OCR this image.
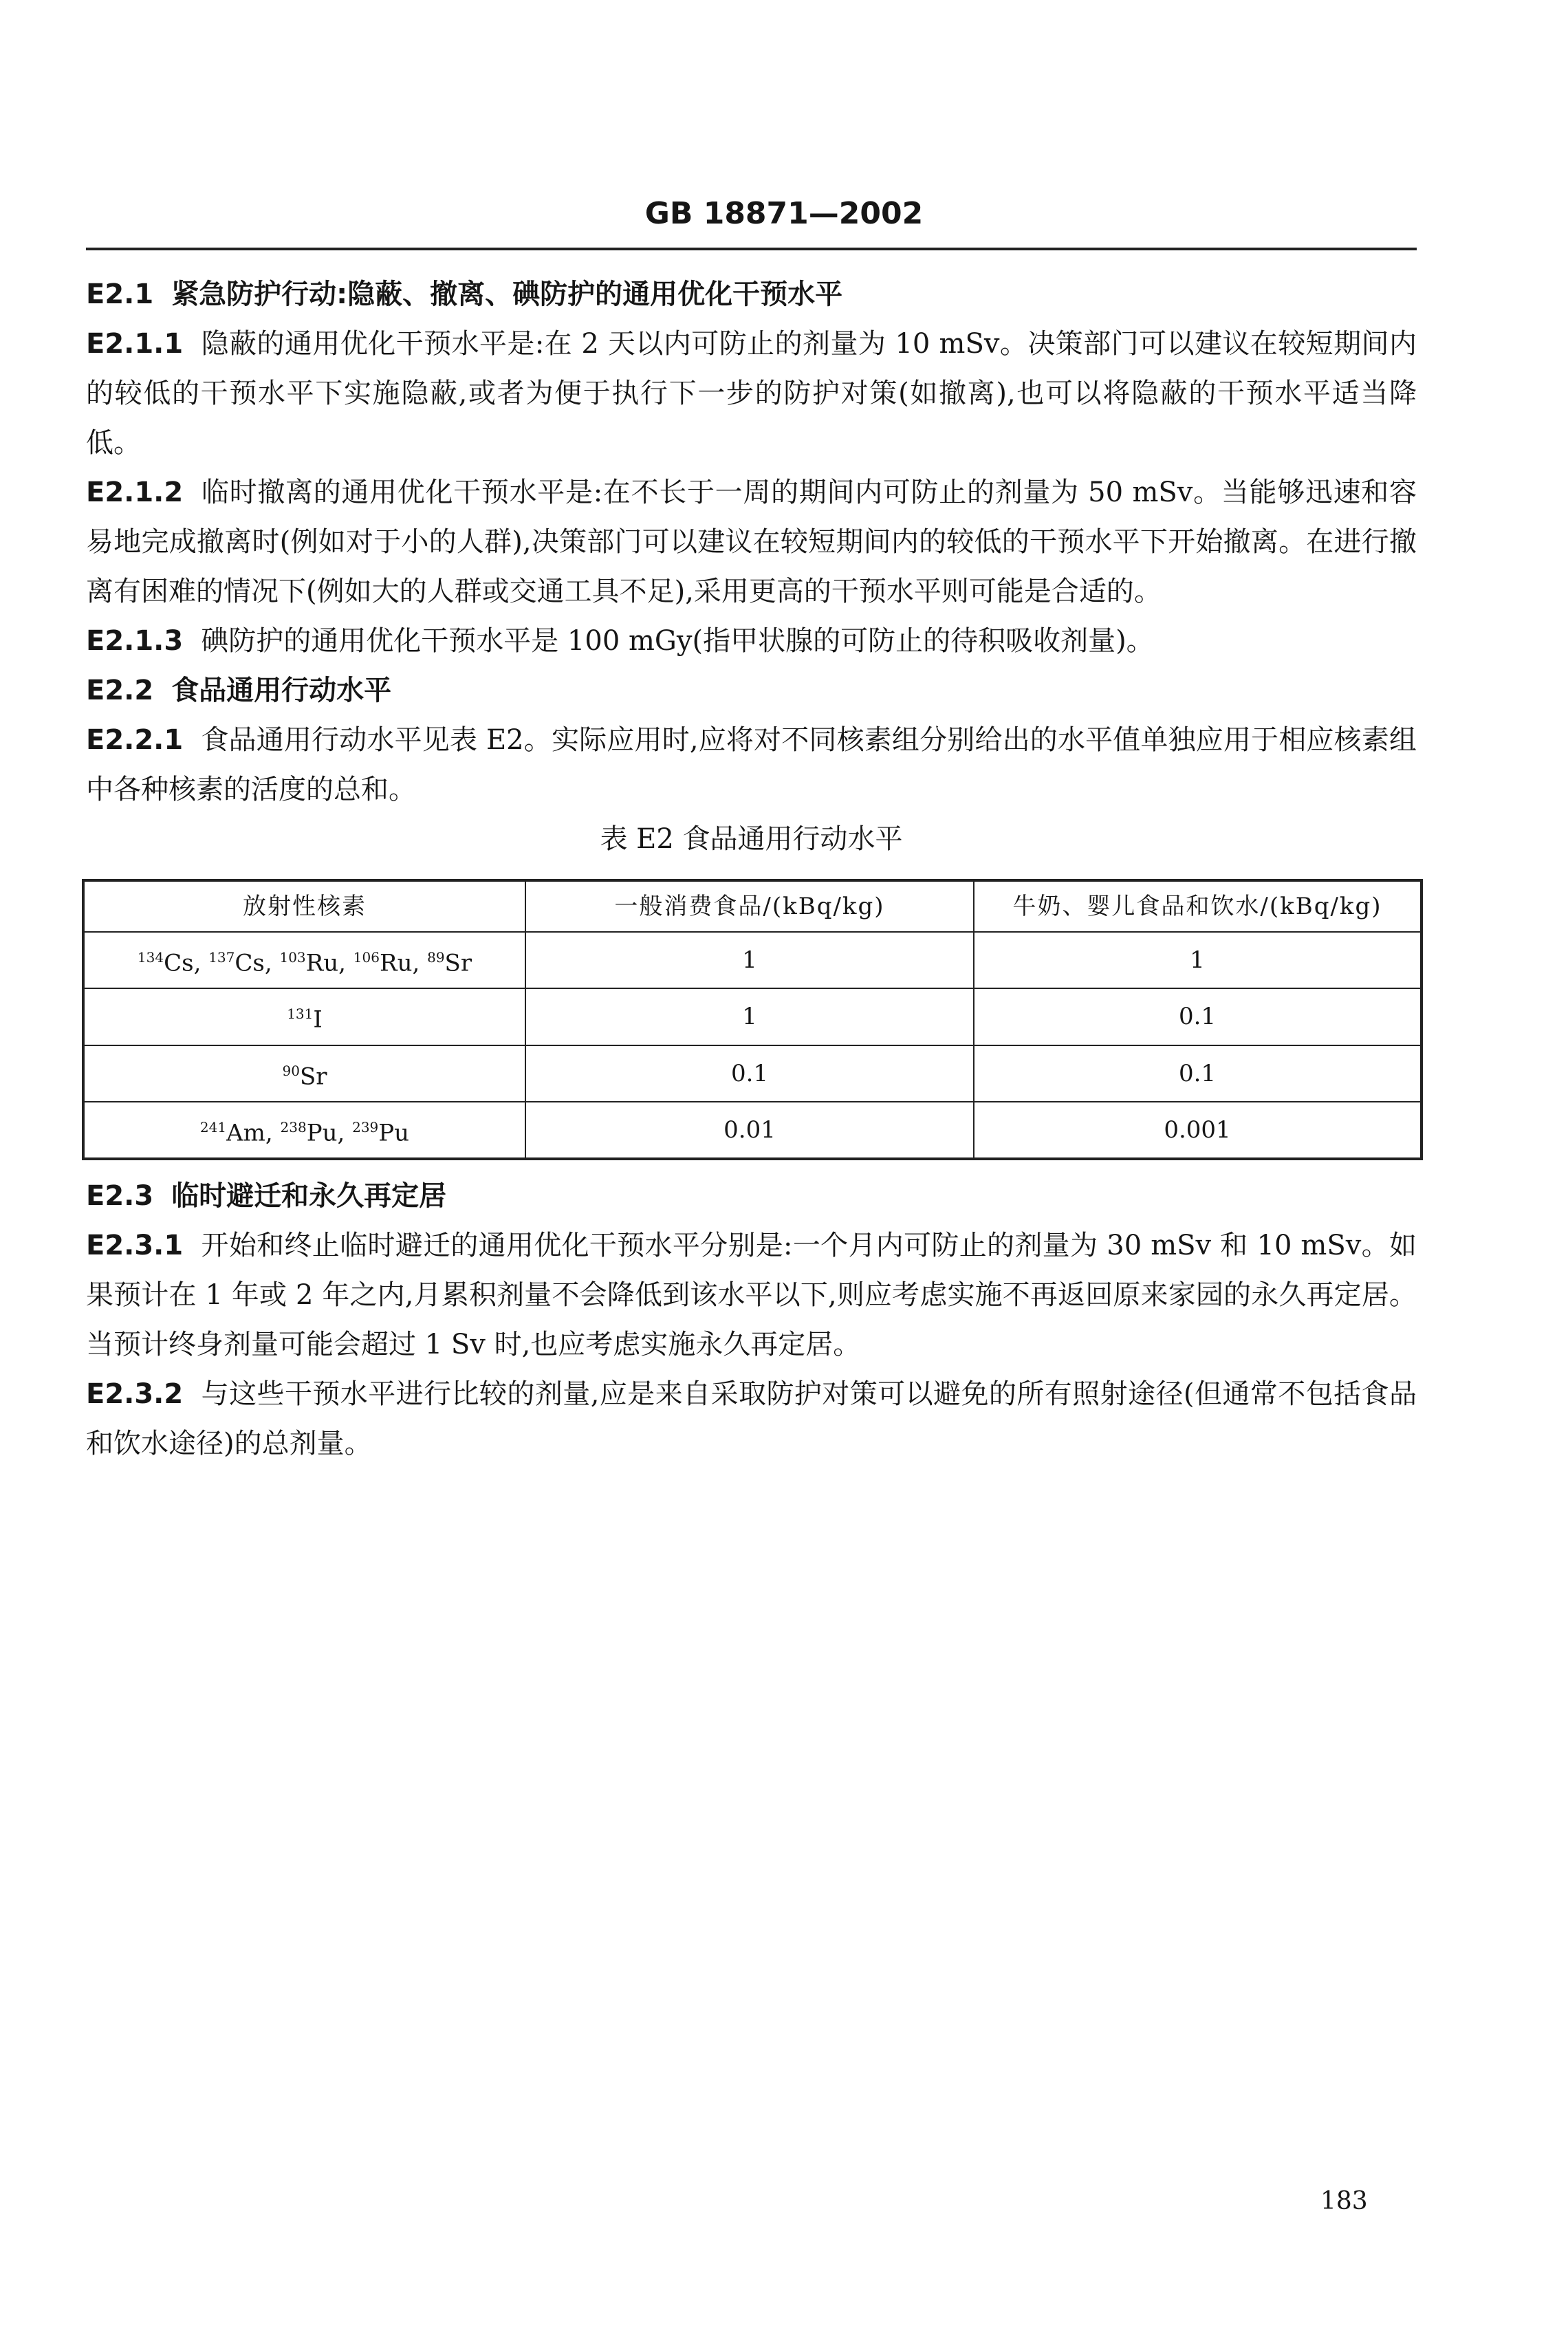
GB 18871—2002

E2.1 紧急防护行动:隐蔽、撤离、碘防护的通用优化干预水平

E2.1.1 隐蔽的通用优化干预水平是:在 2 天以内可防止的剂量为 10 mSv。决策部门可以建议在较短期间内的较低的干预水平下实施隐蔽,或者为便于执行下一步的防护对策(如撤离),也可以将隐蔽的干预水平适当降低。

E2.1.2 临时撤离的通用优化干预水平是:在不长于一周的期间内可防止的剂量为 50 mSv。当能够迅速和容易地完成撤离时(例如对于小的人群),决策部门可以建议在较短期间内的较低的干预水平下开始撤离。在进行撤离有困难的情况下(例如大的人群或交通工具不足),采用更高的干预水平则可能是合适的。

E2.1.3 碘防护的通用优化干预水平是 100 mGy(指甲状腺的可防止的待积吸收剂量)。

E2.2 食品通用行动水平

E2.2.1 食品通用行动水平见表 E2。实际应用时,应将对不同核素组分别给出的水平值单独应用于相应核素组中各种核素的活度的总和。

表 E2 食品通用行动水平

放射性核素	一般消费食品/(kBq/kg)	牛奶、婴儿食品和饮水/(kBq/kg)
$^{134}$Cs, $^{137}$Cs, $^{103}$Ru, $^{106}$Ru, $^{89}$Sr	1	1
$^{131}$I	1	0.1
$^{90}$Sr	0.1	0.1
$^{241}$Am, $^{238}$Pu, $^{239}$Pu	0.01	0.001

E2.3 临时避迁和永久再定居

E2.3.1 开始和终止临时避迁的通用优化干预水平分别是:一个月内可防止的剂量为 30 mSv 和 10 mSv。如果预计在 1 年或 2 年之内,月累积剂量不会降低到该水平以下,则应考虑实施不再返回原来家园的永久再定居。当预计终身剂量可能会超过 1 Sv 时,也应考虑实施永久再定居。

E2.3.2 与这些干预水平进行比较的剂量,应是来自采取防护对策可以避免的所有照射途径(但通常不包括食品和饮水途径)的总剂量。

183
